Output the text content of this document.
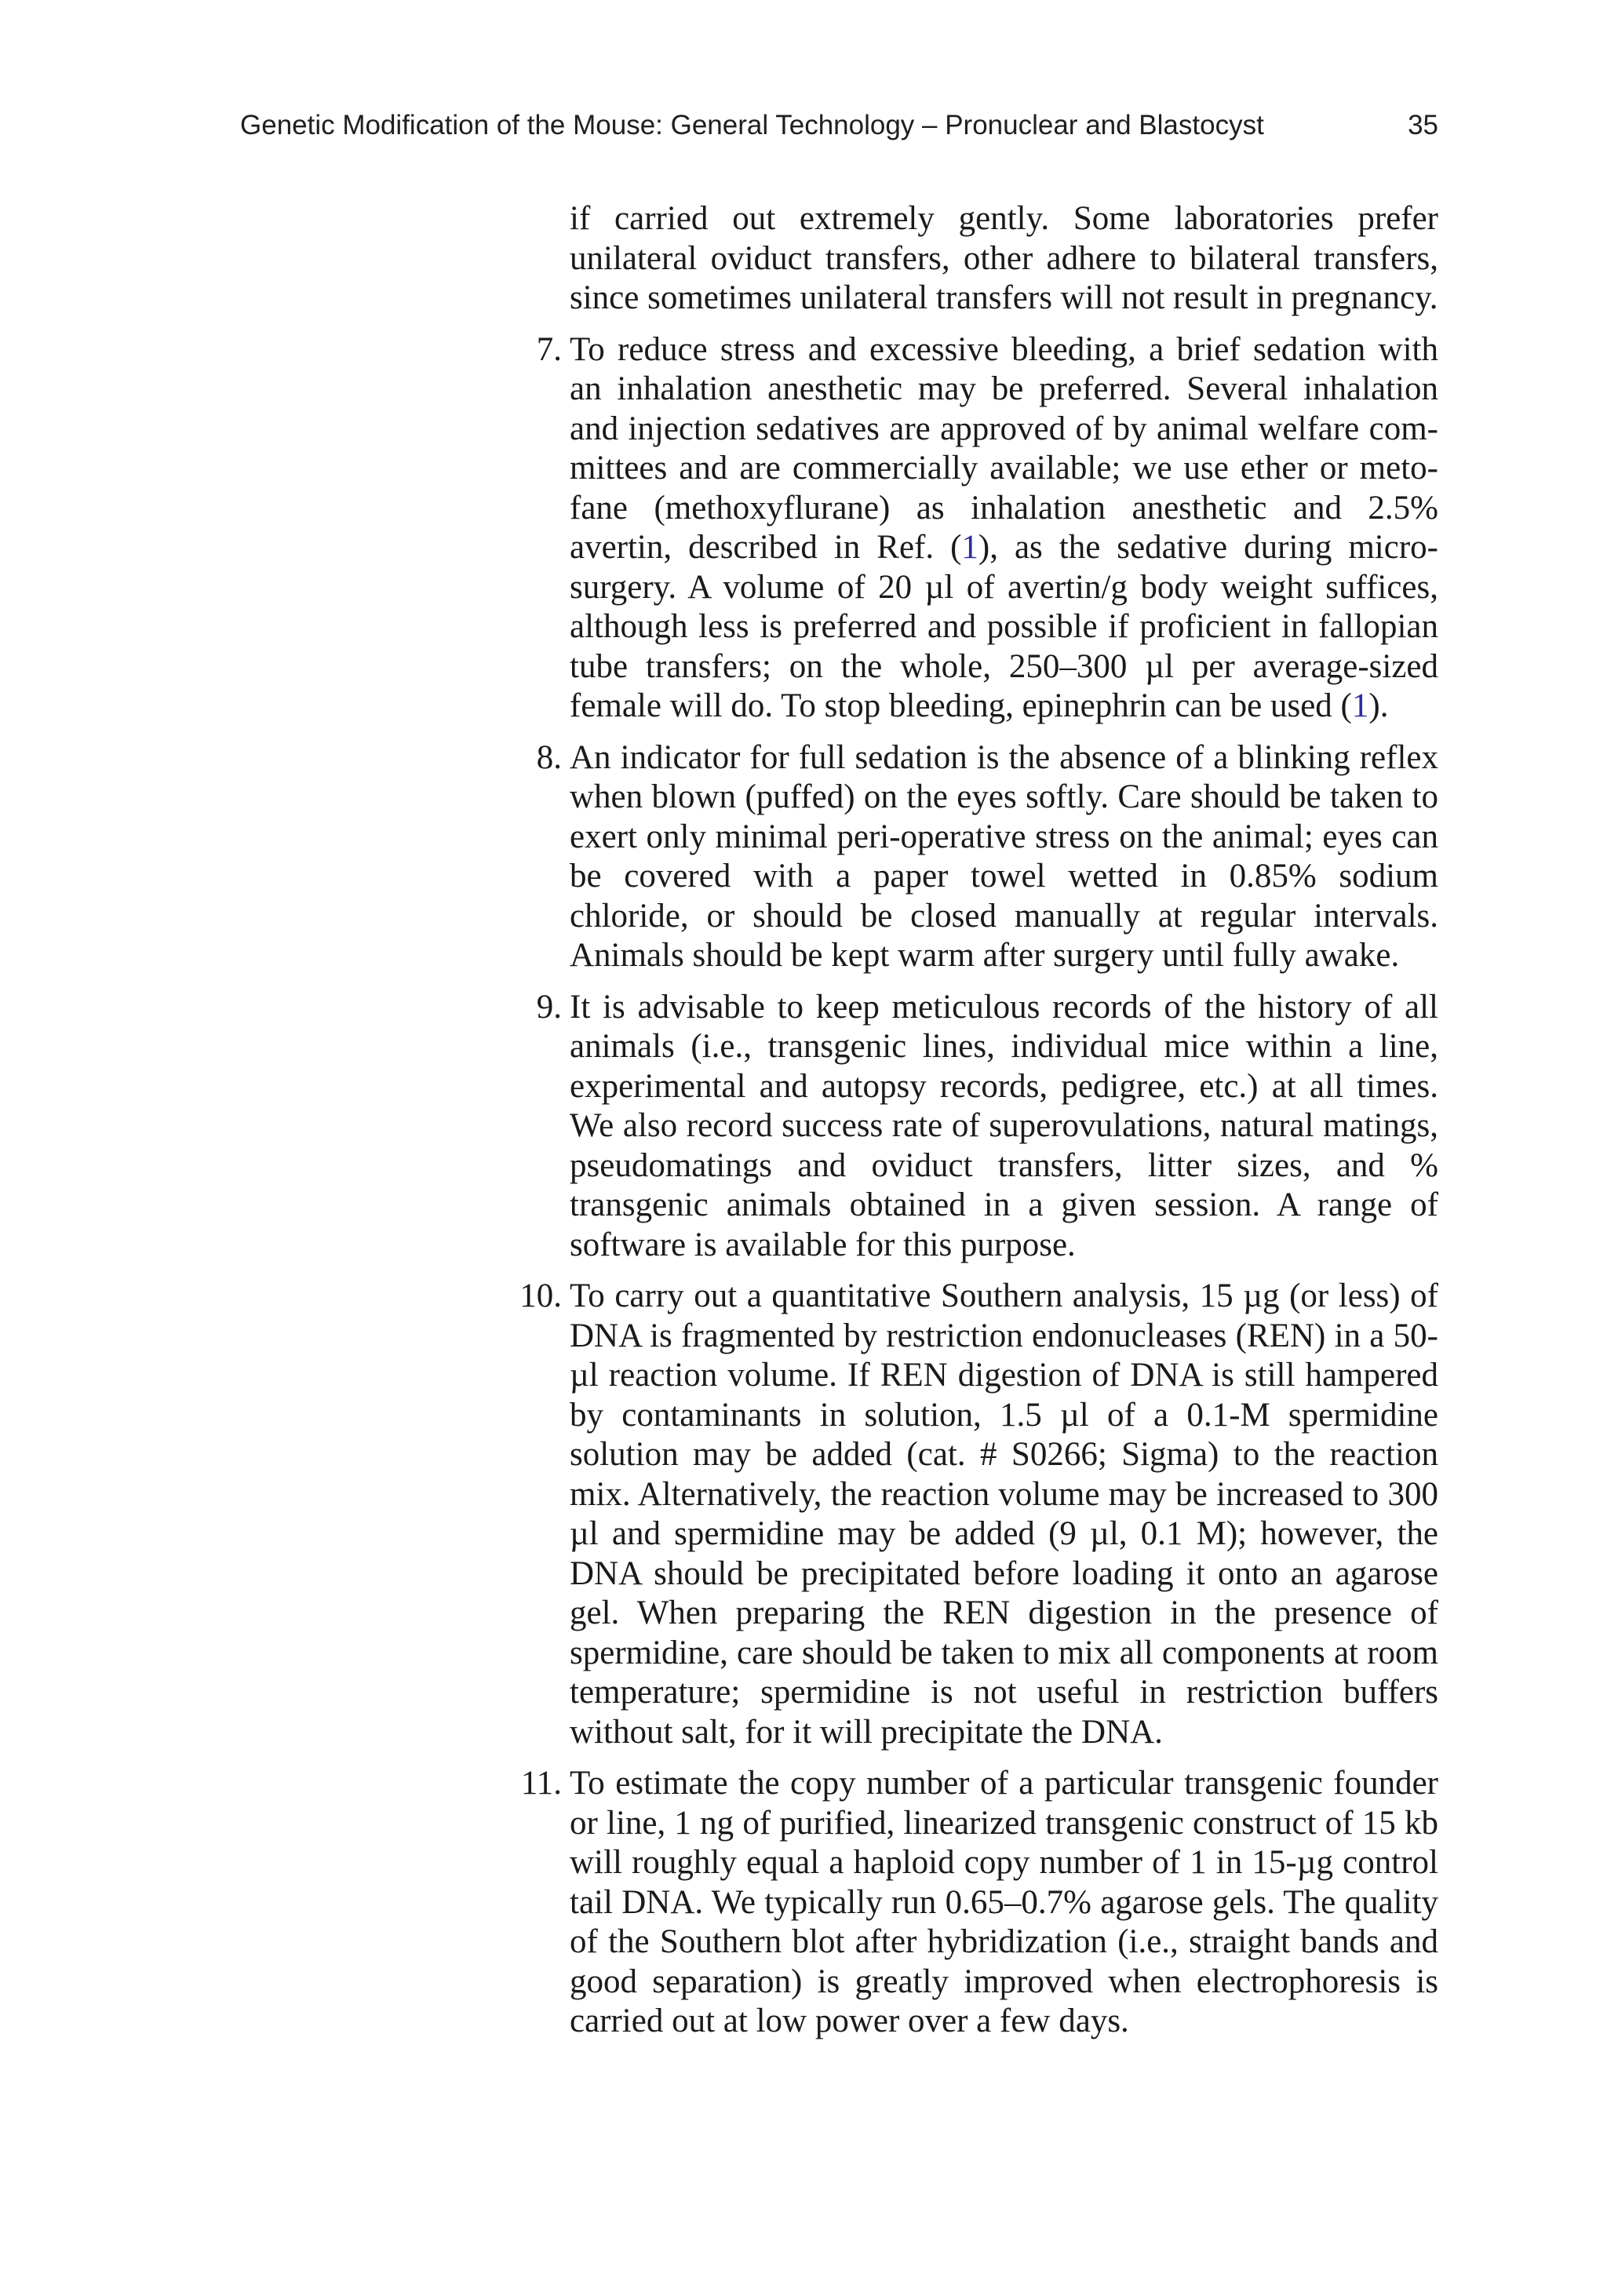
Genetic Modification of the Mouse: General Technology – Pronuclear and Blastocyst	35

if carried out extremely gently. Some laboratories prefer unilateral oviduct transfers, other adhere to bilateral transfers, since sometimes unilateral transfers will not result in pregnancy.

7. To reduce stress and excessive bleeding, a brief sedation with an inhalation anesthetic may be preferred. Several inhalation and injection sedatives are approved of by animal welfare committees and are commercially available; we use ether or metofane (methoxyflurane) as inhalation anesthetic and 2.5% avertin, described in Ref. (1), as the sedative during microsurgery. A volume of 20 µl of avertin/g body weight suffices, although less is preferred and possible if proficient in fallopian tube transfers; on the whole, 250–300 µl per average-sized female will do. To stop bleeding, epinephrin can be used (1).

8. An indicator for full sedation is the absence of a blinking reflex when blown (puffed) on the eyes softly. Care should be taken to exert only minimal peri-operative stress on the animal; eyes can be covered with a paper towel wetted in 0.85% sodium chloride, or should be closed manually at regular intervals. Animals should be kept warm after surgery until fully awake.

9. It is advisable to keep meticulous records of the history of all animals (i.e., transgenic lines, individual mice within a line, experimental and autopsy records, pedigree, etc.) at all times. We also record success rate of superovulations, natural matings, pseudomatings and oviduct transfers, litter sizes, and % transgenic animals obtained in a given session. A range of software is available for this purpose.

10. To carry out a quantitative Southern analysis, 15 µg (or less) of DNA is fragmented by restriction endonucleases (REN) in a 50-µl reaction volume. If REN digestion of DNA is still hampered by contaminants in solution, 1.5 µl of a 0.1-M spermidine solution may be added (cat. # S0266; Sigma) to the reaction mix. Alternatively, the reaction volume may be increased to 300 µl and spermidine may be added (9 µl, 0.1 M); however, the DNA should be precipitated before loading it onto an agarose gel. When preparing the REN digestion in the presence of spermidine, care should be taken to mix all components at room temperature; spermidine is not useful in restriction buffers without salt, for it will precipitate the DNA.

11. To estimate the copy number of a particular transgenic founder or line, 1 ng of purified, linearized transgenic construct of 15 kb will roughly equal a haploid copy number of 1 in 15-µg control tail DNA. We typically run 0.65–0.7% agarose gels. The quality of the Southern blot after hybridization (i.e., straight bands and good separation) is greatly improved when electrophoresis is carried out at low power over a few days.
